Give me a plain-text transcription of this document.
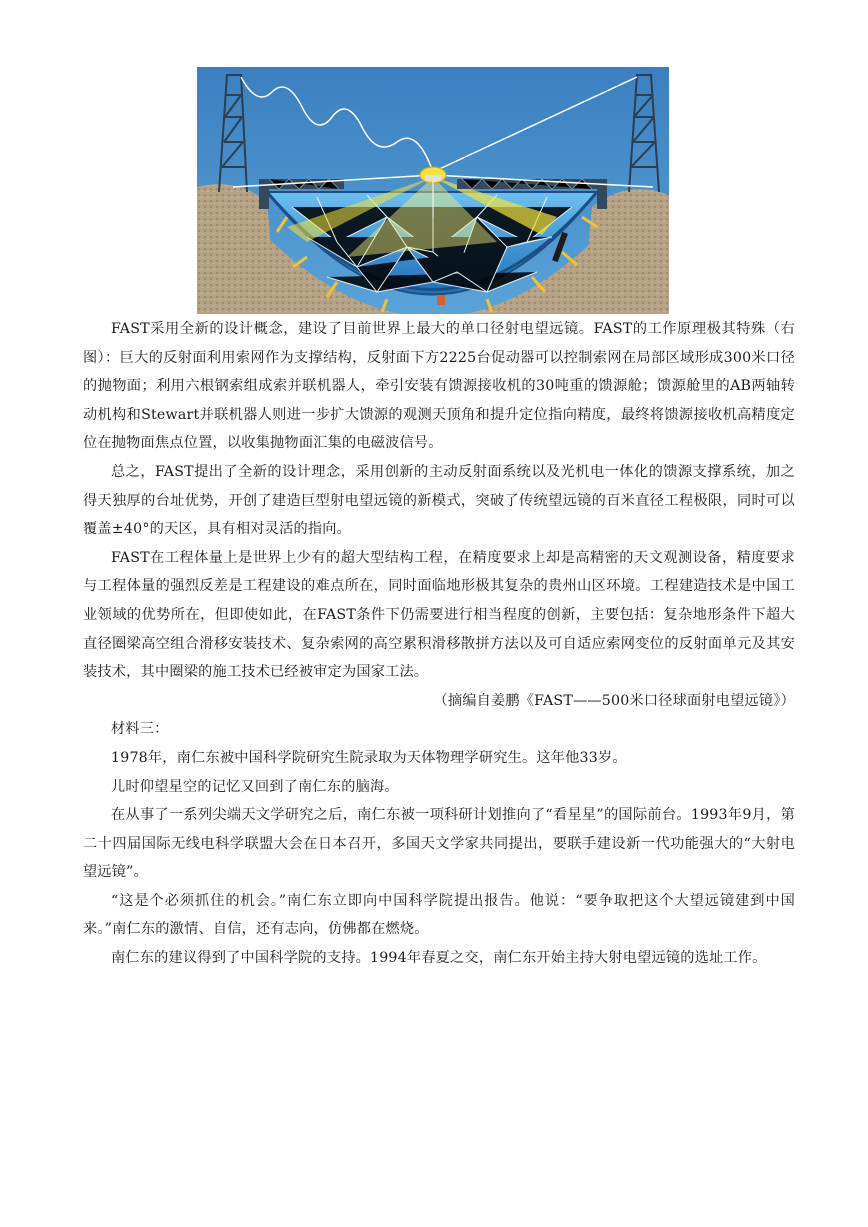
FAST采用全新的设计概念，建设了目前世界上最大的单口径射电望远镜。FAST的工作原理极其特殊（右图）：巨大的反射面利用索网作为支撑结构，反射面下方2225台促动器可以控制索网在局部区域形成300米口径的抛物面；利用六根钢索组成索并联机器人，牵引安装有馈源接收机的30吨重的馈源舱；馈源舱里的AB两轴转动机构和Stewart并联机器人则进一步扩大馈源的观测天顶角和提升定位指向精度，最终将馈源接收机高精度定位在抛物面焦点位置，以收集抛物面汇集的电磁波信号。

总之，FAST提出了全新的设计理念，采用创新的主动反射面系统以及光机电一体化的馈源支撑系统，加之得天独厚的台址优势，开创了建造巨型射电望远镜的新模式，突破了传统望远镜的百米直径工程极限，同时可以覆盖±40°的天区，具有相对灵活的指向。

FAST在工程体量上是世界上少有的超大型结构工程，在精度要求上却是高精密的天文观测设备，精度要求与工程体量的强烈反差是工程建设的难点所在，同时面临地形极其复杂的贵州山区环境。工程建造技术是中国工业领域的优势所在，但即使如此，在FAST条件下仍需要进行相当程度的创新，主要包括：复杂地形条件下超大直径圈梁高空组合滑移安装技术、复杂索网的高空累积滑移散拼方法以及可自适应索网变位的反射面单元及其安装技术，其中圈梁的施工技术已经被审定为国家工法。

（摘编自姜鹏《FAST——500米口径球面射电望远镜》）

材料三：

1978年，南仁东被中国科学院研究生院录取为天体物理学研究生。这年他33岁。

儿时仰望星空的记忆又回到了南仁东的脑海。

在从事了一系列尖端天文学研究之后，南仁东被一项科研计划推向了“看星星”的国际前台。1993年9月，第二十四届国际无线电科学联盟大会在日本召开，多国天文学家共同提出，要联手建设新一代功能强大的“大射电望远镜”。

“这是个必须抓住的机会。”南仁东立即向中国科学院提出报告。他说：“要争取把这个大望远镜建到中国来。”南仁东的激情、自信，还有志向，仿佛都在燃烧。

南仁东的建议得到了中国科学院的支持。1994年春夏之交，南仁东开始主持大射电望远镜的选址工作。
